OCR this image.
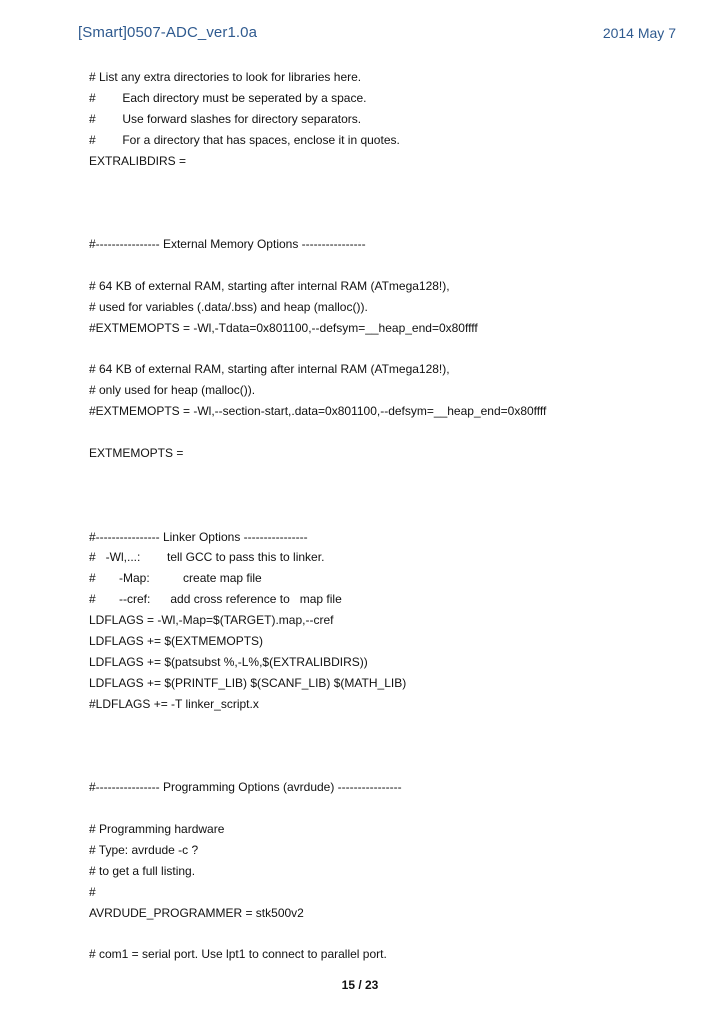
[Smart]0507-ADC_ver1.0a	2014 May 7
# List any extra directories to look for libraries here.
#        Each directory must be seperated by a space.
#        Use forward slashes for directory separators.
#        For a directory that has spaces, enclose it in quotes.
EXTRALIBDIRS =
#---------------- External Memory Options ----------------
# 64 KB of external RAM, starting after internal RAM (ATmega128!),
# used for variables (.data/.bss) and heap (malloc()).
#EXTMEMOPTS = -Wl,-Tdata=0x801100,--defsym=__heap_end=0x80ffff
# 64 KB of external RAM, starting after internal RAM (ATmega128!),
# only used for heap (malloc()).
#EXTMEMOPTS = -Wl,--section-start,.data=0x801100,--defsym=__heap_end=0x80ffff
EXTMEMOPTS =
#---------------- Linker Options ----------------
#   -Wl,...:        tell GCC to pass this to linker.
#       -Map:          create map file
#       --cref:      add cross reference to   map file
LDFLAGS = -Wl,-Map=$(TARGET).map,--cref
LDFLAGS += $(EXTMEMOPTS)
LDFLAGS += $(patsubst %,-L%,$(EXTRALIBDIRS))
LDFLAGS += $(PRINTF_LIB) $(SCANF_LIB) $(MATH_LIB)
#LDFLAGS += -T linker_script.x
#---------------- Programming Options (avrdude) ----------------
# Programming hardware
# Type: avrdude -c ?
# to get a full listing.
#
AVRDUDE_PROGRAMMER = stk500v2
# com1 = serial port. Use lpt1 to connect to parallel port.
15 / 23
